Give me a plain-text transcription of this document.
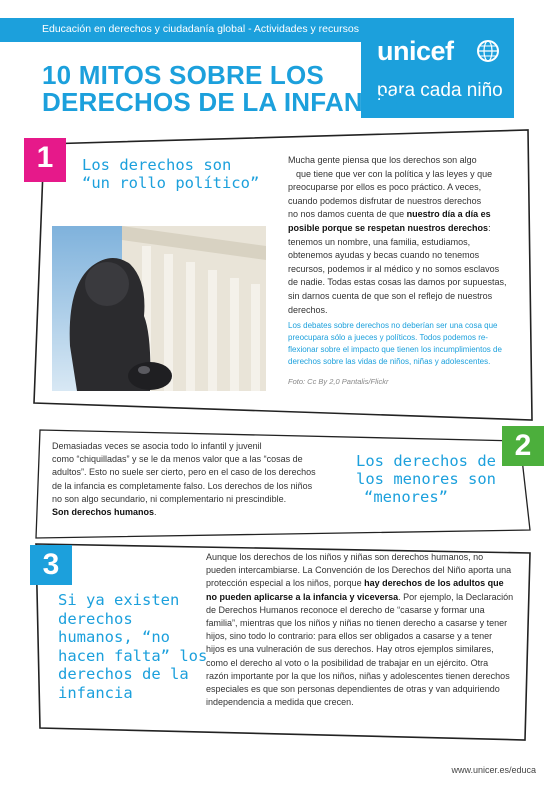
Educación en derechos y ciudadanía global - Actividades y recursos
unicef
para cada niño
10 MITOS SOBRE LOS
DERECHOS DE LA INFANCIA
1	Los derechos son
“un rollo político”
Mucha gente piensa que los derechos son algo
que tiene que ver con la política y las leyes y que
preocuparse por ellos es poco práctico. A veces,
cuando podemos disfrutar de nuestros derechos
no nos damos cuenta de que nuestro día a día es
posible porque se respetan nuestros derechos:
tenemos un nombre, una familia, estudiamos,
obtenemos ayudas y becas cuando no tenemos
recursos, podemos ir al médico y no somos esclavos
de nadie. Todas estas cosas las damos por supuestas,
sin darnos cuenta de que son el reflejo de nuestros
derechos.
Los debates sobre derechos no deberían ser una cosa que
preocupara sólo a jueces y políticos. Todos podemos re-
flexionar sobre el impacto que tienen los incumplimientos de
derechos sobre las vidas de niños, niñas y adolescentes.
Foto: Cc By 2,0 Pantalis/Flickr
Demasiadas veces se asocia todo lo infantil y juvenil
como “chiquilladas” y se le da menos valor que a las “cosas de
adultos”. Esto no suele ser cierto, pero en el caso de los derechos
de la infancia es completamente falso. Los derechos de los niños
no son algo secundario, ni complementario ni prescindible.
Son derechos humanos.
Los derechos de
los menores son
“menores”
2
3
Si ya existen
derechos
humanos, “no
hacen falta” los
derechos de la
infancia
Aunque los derechos de los niños y niñas son derechos humanos, no
pueden intercambiarse. La Convención de los Derechos del Niño aporta una
protección especial a los niños, porque hay derechos de los adultos que
no pueden aplicarse a la infancia y viceversa. Por ejemplo, la Declaración
de Derechos Humanos reconoce el derecho de “casarse y formar una
familia”, mientras que los niños y niñas no tienen derecho a casarse y tener
hijos, sino todo lo contrario: para ellos ser obligados a casarse y a tener
hijos es una vulneración de sus derechos. Hay otros ejemplos similares,
como el derecho al voto o la posibilidad de trabajar en un ejército. Otra
razón importante por la que los niños, niñas y adolescentes tienen derechos
especiales es que son personas dependientes de otras y van adquiriendo
independencia a medida que crecen.
www.unicer.es/educa
